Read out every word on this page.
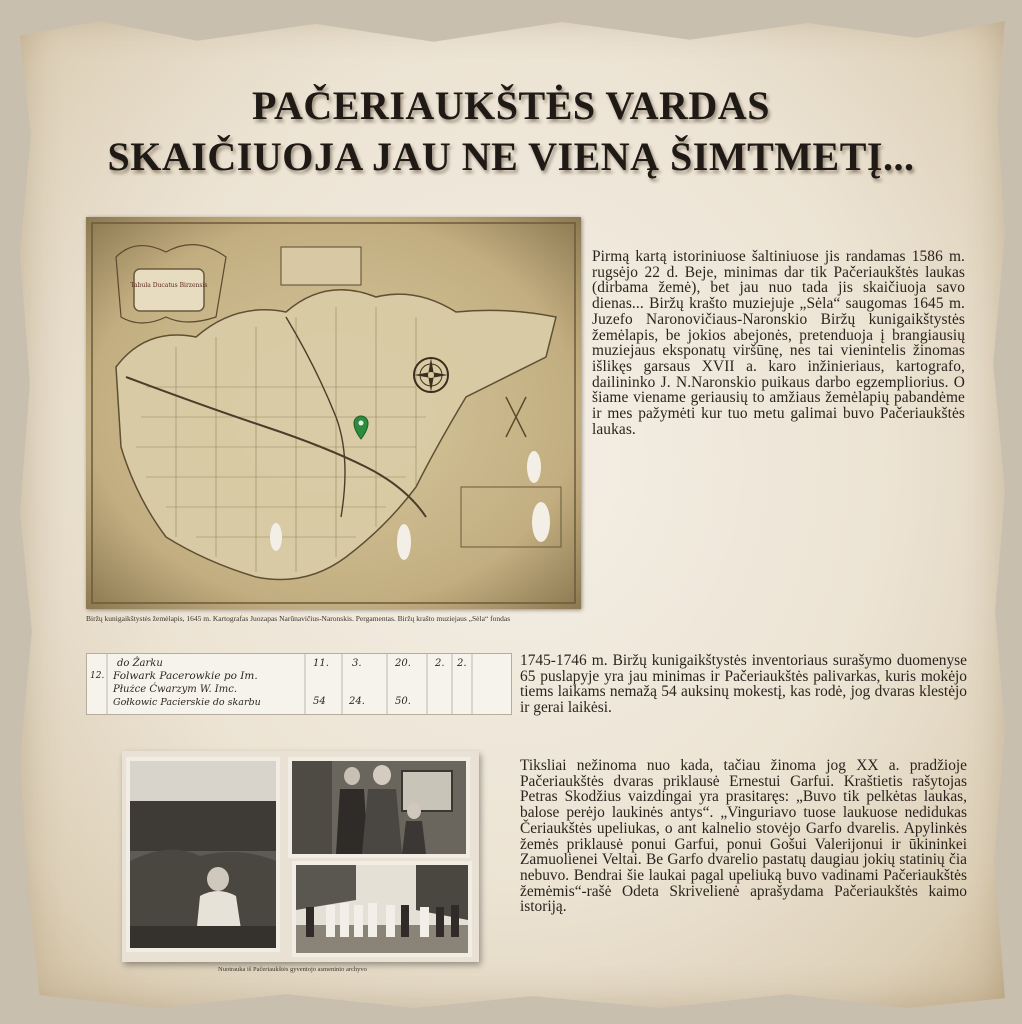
PAČERIAUKŠTĖS VARDAS
SKAIČIUOJA JAU NE VIENĄ ŠIMTMETĮ...
Tabula Ducatus Birzensis
Biržų kunigaikštystės žemėlapis, 1645 m. Kartografas Juozapas Narūnavičius-Naronskis. Pergamentas. Biržų krašto muziejaus „Sėla“ fondas
Pirmą kartą istoriniuose šaltiniuose jis randamas 1586 m. rugsėjo 22 d. Beje, minimas dar tik Pačeriaukštės laukas (dirbama žemė), bet jau nuo tada jis skaičiuoja savo dienas... Biržų krašto muziejuje „Sėla“ saugomas 1645 m. Juzefo Naronovičiaus-Naronskio Biržų kunigaikštystės žemėlapis, be jokios abejonės, pretenduoja į brangiausių muziejaus eksponatų viršūnę, nes tai vienintelis žinomas išlikęs garsaus XVII a. karo inžinieriaus, kartografo, dailininko J. N.Naronskio puikaus darbo egzempliorius. O šiame viename geriausių to amžiaus žemėlapių pabandėme ir mes pažymėti kur tuo metu galimai buvo Pačeriaukštės laukas.
12.
do Ẑarku
Folwark Pacerowkie po Im.
Płużce Ćwarzym W. Imc.
Gołkowic Pacierskie do skarbu
11. 3.	20. 2. 2.
54 24.	50.
1745-1746 m. Biržų kunigaikštystės inventoriaus surašymo duomenyse 65 puslapyje yra jau minimas ir Pačeriaukštės palivarkas, kuris mokėjo tiems laikams nemažą 54 auksinų mokestį, kas rodė, jog dvaras klestėjo ir gerai laikėsi.
Tiksliai nežinoma nuo kada, tačiau žinoma jog XX a. pradžioje Pačeriaukštės dvaras priklausė Ernestui Garfui. Kraštietis rašytojas Petras Skodžius vaizdingai yra prasitaręs: „Buvo tik pelkėtas laukas, balose perėjo laukinės antys“. „Vinguriavo tuose laukuose nedidukas Čeriaukštės upeliukas, o ant kalnelio stovėjo Garfo dvarelis. Apylinkės žemės priklausė ponui Garfui, ponui Gošui Valerijonui ir ūkininkei Zamuolienei Veltai. Be Garfo dvarelio pastatų daugiau jokių statinių čia nebuvo. Bendrai šie laukai pagal upeliuką buvo vadinami Pačeriaukštės žemėmis“-rašė Odeta Skrivelienė aprašydama Pačeriaukštės kaimo istoriją.
Nuotrauka iš Pačeriaukštės gyventojo asmeninio archyvo
